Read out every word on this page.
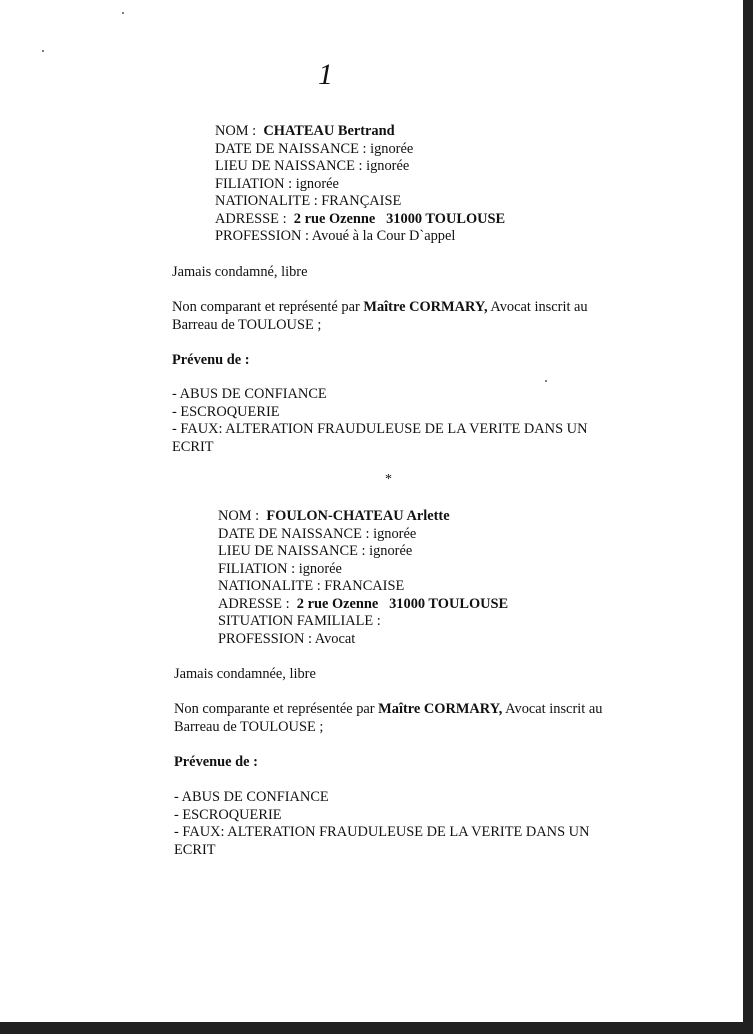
1
NOM : CHATEAU Bertrand
DATE DE NAISSANCE : ignorée
LIEU DE NAISSANCE : ignorée
FILIATION : ignorée
NATIONALITE : FRANÇAISE
ADRESSE : 2 rue Ozenne   31000 TOULOUSE
PROFESSION : Avoué à la Cour D`appel
Jamais condamné, libre
Non comparant et représenté par Maître CORMARY, Avocat inscrit au
Barreau de TOULOUSE ;
Prévenu de :
- ABUS DE CONFIANCE
- ESCROQUERIE
- FAUX: ALTERATION FRAUDULEUSE DE LA VERITE DANS UN
ECRIT
*
NOM : FOULON-CHATEAU Arlette
DATE DE NAISSANCE : ignorée
LIEU DE NAISSANCE : ignorée
FILIATION : ignorée
NATIONALITE : FRANCAISE
ADRESSE : 2 rue Ozenne   31000 TOULOUSE
SITUATION FAMILIALE :
PROFESSION : Avocat
Jamais condamnée, libre
Non comparante et représentée par Maître CORMARY, Avocat inscrit au
Barreau de TOULOUSE ;
Prévenue de :
- ABUS DE CONFIANCE
- ESCROQUERIE
- FAUX: ALTERATION FRAUDULEUSE DE LA VERITE DANS UN
ECRIT
